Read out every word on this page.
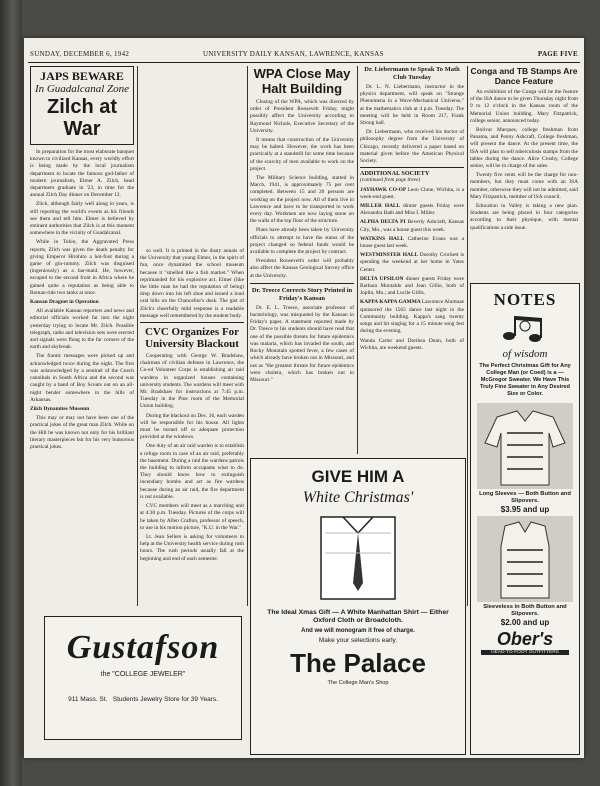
SUNDAY, DECEMBER 6, 1942	UNIVERSITY DAILY KANSAN, LAWRENCE, KANSAS	PAGE FIVE
JAPS BEWARE
In Guadalcanal Zone
Zilch at War

In preparation for the most elaborate banquet known to civilized Kansas, every worldly effort is being made by the local journalism department to locate the famous god-father of modern journalism, Elmer A. Zilch, head department graduate in '23, in time for the annual Zilch Day dinner on December 12.

Zilch, although fairly well along in years, is still reporting the world's events as his friends see them and tell him. Elmer is believed by eminent authorities that Zilch is at this moment somewhere in the vicinity of Guadalcanal.

While in Tokio, the Aggravated Press reports, Zilch was given the death penalty for giving Emperor Hirohito a hot-foot during a game of gin-rummy. Zilch was disguised (ingeniously) as a bar-maid. He, however, escaped to the second front in Africa where he gained quite a reputation as being able to Roman-ride two tanks at once.

Kansan Dragnet in Operation

All available Kansan reporters and news and editorial officials worked far into the night yesterday trying to locate Mr. Zilch. Possible telegraph, radio and television sets were erected and signals were flung to the far corners of the earth and skybreak.

The frantic messages were picked up and acknowledged twice during the night. The first was acknowledged by a sentinel of the Coech cannibals in South Africa and the second was caught by a band of Boy Scouts out on an all-night bender somewhere in the hills of Arkansas.

Zilch Dynamites Museum

This may or may not have been one of the practical jokes of the great man Zilch. While on the Hill he was known not only for his brilliant literary masterpieces but for his very humorous practical jokes.

so well. It is printed in the dusty annals of the University that young Elmer, in the spirit of fun, once dynamited the school museum because it "smelled like a fish market." When reprimanded for his explosive act, Elmer (like the little man he had the reputation of being) drop down into his left shoe and issued a loud oral bills on the Chancellor's desk. The gist of Zilch's cheerfully mild response is a readable message well remembered by the student body.

CVC Organizes For University Blackout

Cooperating with George W. Bradshaw, chairman of civilian defense in Lawrence, the Co-ed Volunteer Corps is establishing air raid wardens in organized houses containing university students. The wardens will meet with Mr. Bradshaw for instructions at 7:45 p.m. Tuesday in the Pine room of the Memorial Union building.

During the blackout on Dec. 16, each warden will be responsible for his house. All lights must be turned off or adequate protection provided at the windows.

One duty of an air raid warden is to establish a refuge room in case of an air raid, preferably the basement. During a raid the wardens patrols the building to inform occupants what to do. They should know how to extinguish incendiary bombs and act as fire wardens because during an air raid, the fire department is not available.

CVC members will meet as a marching unit at 4:30 p.m. Tuesday. Pictures of the corps will be taken by Allen Crafton, professor of speech, to use in his motion picture, "K.U. in the War."

Lt. Jean Sellers is asking for volunteers to help at the University health service during rush hours. The rush periods usually fall at the beginning and end of each semester.

WPA Close May Halt Building

Closing of the WPA, which was directed by order of President Roosevelt Friday, might possibly affect the University according to Raymond Nichols, Executive Secretary of the University.

It means that construction of the University may be halted. However, the work has been practically at a standstill for some time because of the scarcity of men available to work on the project.

The Military Science building, started in March, 1941, is approximately 75 per cent completed. Between 15 and 20 persons are working on the project now. All of them live in Lawrence and have to be transported to work every day. Workmen are now laying stone on the walls of the top floor of the structure.

Plans have already been taken by University officials to attempt to have the status of the project changed so federal funds would be available to complete the project by contract.

President Roosevelt's order will probably also affect the Kansas Geological Survey office at the University.

Dr. Treece Corrects Story Printed in Friday's Kansan

Dr. E. L. Treece, associate professor of bacteriology, was misquoted by the Kansan in Friday's paper. A statement reported made by Dr. Treece to his students should have read that one of the possible threats for future epidemics was malaria, which has invaded the south, and Rocky Mountain spotted fever, a few cases of which already have broken out in Missouri, and not as "the greatest threats for future epidemics were cholera, which has broken out in Missouri."

Dr. Liebermann to Speak To Math Club Tuesday

Dr. L. N. Liebermann, instructor in the physics department, will speak on "Strange Phenomena in a Wave-Mechanical Universe," at the mathematics club at 4 p.m. Tuesday. The meeting will be held in Room 217, Frank Strong hall.

Dr. Liebermann, who received his doctor of philosophy degree from the University of Chicago, recently delivered a paper based on material given before the American Physical Society.

ADDITIONAL SOCIETY
(continued from page three)
JAYHAWK CO-OP Leon Clune, Wichita, is a week-end guest.
MILLER HALL dinner guests Friday were Alexandra Bath and Miss I. Miller.
ALPHA DELTA PI Beverly Ashcraft, Kansas City, Mo., was a house guest this week.
WATKINS HALL Catherine Evans was a house guest last week.
WESTMINSTER HALL Dorothy Crockett is spending the weekend at her home in Yates Center.
DELTA UPSILON dinner guests Friday were Barbara Montaldo and Jean Gillie, both of Joplin, Mo.; and Lucile Gillis.
KAPPA KAPPA GAMMA Lawrence Alumnae sponsored the 1563 dance last night in the Community building. Kappa's sang twenty songs and hit singing for a 15 minute song fest during the evening.
Wanda Carter and Doribea Dunn, both of Wichita, are weekend guests.
Conga and TB Stamps Are Dance Feature

An exhibition of the Conga will be the feature of the ISA dance to be given Thursday night from 9 to 12 o'clock in the Kansas room of the Memorial Union building. Mary Fitzpatrick, college senior, announced today.

Bolivar Marques, college freshman from Panama, and Penny Ashcraft, College freshman, will present the dance. At the present time, the ISA will plan to sell tuberculosis stamps from the tables during the dance. Alice Crosby, College senior, will be in charge of the sales.

Twenty five cents will be the charge for non-members, but they must come with an ISA member, otherwise they will not be admitted, said Mary Fitzpatrick, member of ISA council.

Education in Valley is taking a new plan. Students are being placed in four categories according to their physique, with mental qualifications a side issue.

NOTES
of wisdom
The Perfect Christmas Gift for Any College Man (or Coed) is a — McGregor Sweater. We Have This Truly Fine Sweater in Any Desired Size or Color.
Long Sleeves — Both Button and Slipovers.
$3.95 and up
Sleeveless in Both Button and Slipovers.
$2.00 and up
Ober's
HEAD-TO-FOOT OUTFITTERS
GIVE HIM A
White Christmas'
The Ideal Xmas Gift — A White Manhattan Shirt — Either Oxford Cloth or Broadcloth.
And we will monogram it free of charge.
Make your selections early.
The Palace
The College Man's Shop
Gustafson
the "COLLEGE JEWELER"
911 Mass. St. Students Jewelry Store for 39 Years.
